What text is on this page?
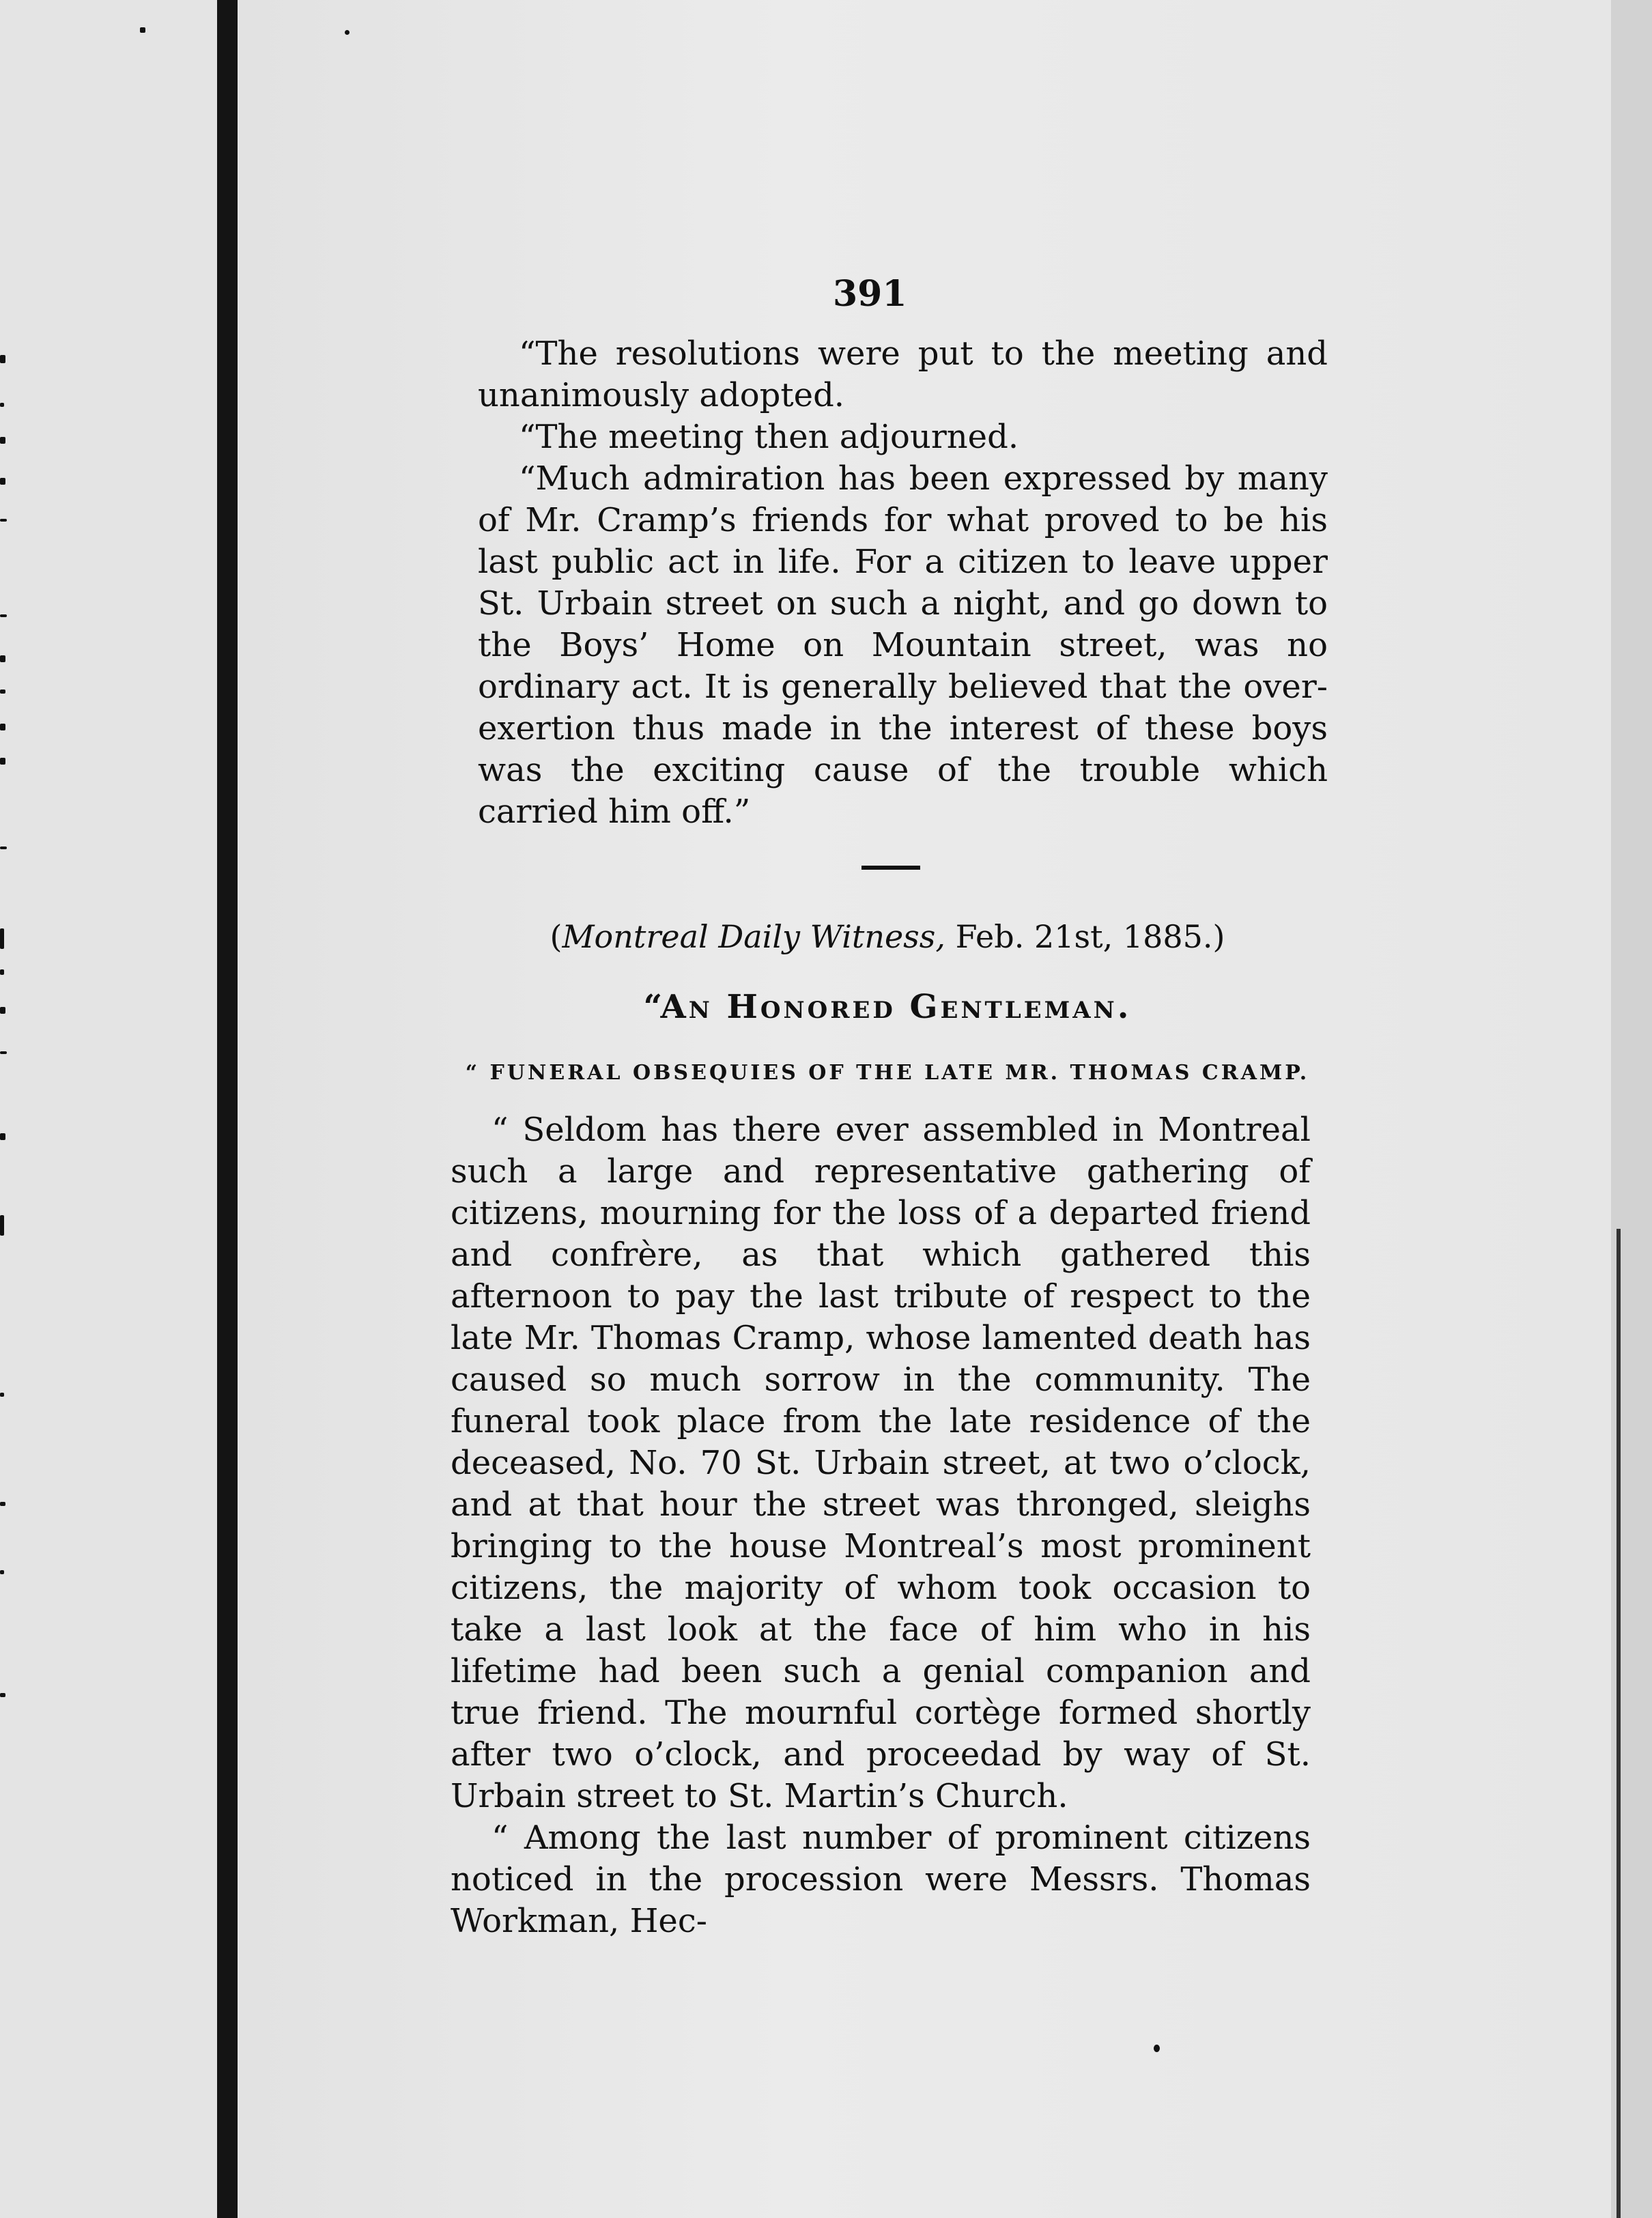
391

“The resolutions were put to the meeting and unanimously adopted.

“The meeting then adjourned.

“Much admiration has been expressed by many of Mr. Cramp’s friends for what proved to be his last public act in life. For a citizen to leave upper St. Urbain street on such a night, and go down to the Boys’ Home on Mountain street, was no ordinary act. It is generally believed that the over-exertion thus made in the interest of these boys was the exciting cause of the trouble which carried him off.”

(Montreal Daily Witness, Feb. 21st, 1885.)
“An Honored Gentleman.
“ FUNERAL OBSEQUIES OF THE LATE MR. THOMAS CRAMP.

“ Seldom has there ever assembled in Montreal such a large and representative gathering of citizens, mourning for the loss of a departed friend and confrère, as that which gathered this afternoon to pay the last tribute of respect to the late Mr. Thomas Cramp, whose lamented death has caused so much sorrow in the community. The funeral took place from the late residence of the deceased, No. 70 St. Urbain street, at two o’clock, and at that hour the street was thronged, sleighs bringing to the house Montreal’s most prominent citizens, the majority of whom took occasion to take a last look at the face of him who in his lifetime had been such a genial companion and true friend. The mournful cortège formed shortly after two o’clock, and proceedad by way of St. Urbain street to St. Martin’s Church.

“ Among the last number of prominent citizens noticed in the procession were Messrs. Thomas Workman, Hec-
